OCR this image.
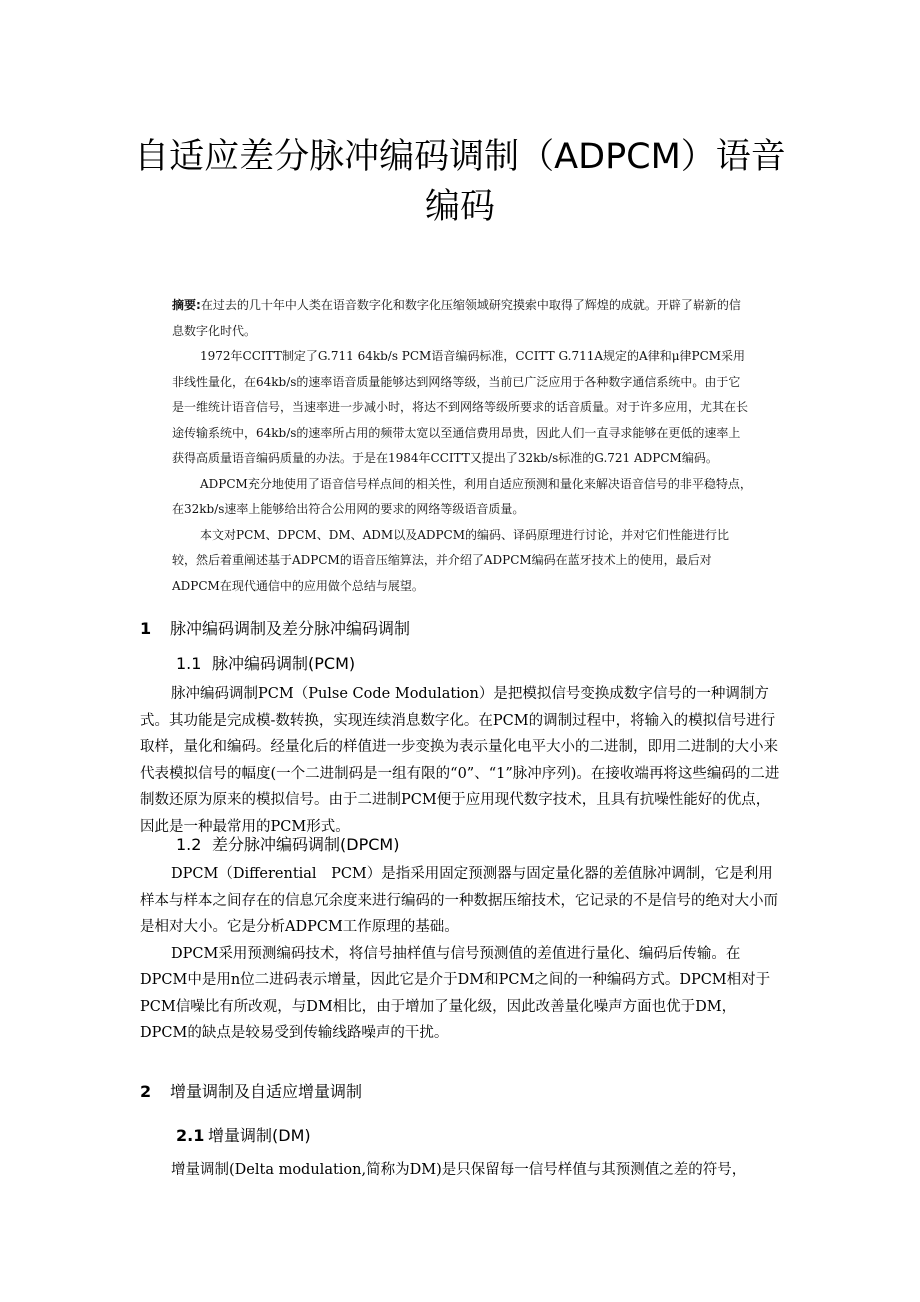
自适应差分脉冲编码调制（ADPCM）语音编码

摘要:在过去的几十年中人类在语音数字化和数字化压缩领域研究摸索中取得了辉煌的成就。开辟了崭新的信息数字化时代。

1972年CCITT制定了G.711 64kb/s PCM语音编码标准，CCITT G.711A规定的A律和μ律PCM采用非线性量化，在64kb/s的速率语音质量能够达到网络等级，当前已广泛应用于各种数字通信系统中。由于它是一维统计语音信号，当速率进一步减小时，将达不到网络等级所要求的话音质量。对于许多应用，尤其在长途传输系统中，64kb/s的速率所占用的频带太宽以至通信费用昂贵，因此人们一直寻求能够在更低的速率上获得高质量语音编码质量的办法。于是在1984年CCITT又提出了32kb/s标准的G.721 ADPCM编码。

ADPCM充分地使用了语音信号样点间的相关性，利用自适应预测和量化来解决语音信号的非平稳特点，在32kb/s速率上能够给出符合公用网的要求的网络等级语音质量。

本文对PCM、DPCM、DM、ADM以及ADPCM的编码、译码原理进行讨论，并对它们性能进行比较，然后着重阐述基于ADPCM的语音压缩算法，并介绍了ADPCM编码在蓝牙技术上的使用，最后对ADPCM在现代通信中的应用做个总结与展望。

1 脉冲编码调制及差分脉冲编码调制
1.1 脉冲编码调制(PCM)

脉冲编码调制PCM（Pulse Code Modulation）是把模拟信号变换成数字信号的一种调制方式。其功能是完成模-数转换，实现连续消息数字化。在PCM的调制过程中，将输入的模拟信号进行取样，量化和编码。经量化后的样值进一步变换为表示量化电平大小的二进制，即用二进制的大小来代表模拟信号的幅度(一个二进制码是一组有限的“0”、“1”脉冲序列)。在接收端再将这些编码的二进制数还原为原来的模拟信号。由于二进制PCM便于应用现代数字技术，且具有抗噪性能好的优点，因此是一种最常用的PCM形式。

1.2 差分脉冲编码调制(DPCM)

DPCM（Differential　PCM）是指采用固定预测器与固定量化器的差值脉冲调制，它是利用样本与样本之间存在的信息冗余度来进行编码的一种数据压缩技术，它记录的不是信号的绝对大小而是相对大小。它是分析ADPCM工作原理的基础。

DPCM采用预测编码技术，将信号抽样值与信号预测值的差值进行量化、编码后传输。在DPCM中是用n位二进码表示增量，因此它是介于DM和PCM之间的一种编码方式。DPCM相对于PCM信噪比有所改观，与DM相比，由于增加了量化级，因此改善量化噪声方面也优于DM，DPCM的缺点是较易受到传输线路噪声的干扰。

2 增量调制及自适应增量调制
2.1 增量调制(DM)

增量调制(Delta modulation,简称为DM)是只保留每一信号样值与其预测值之差的符号，
